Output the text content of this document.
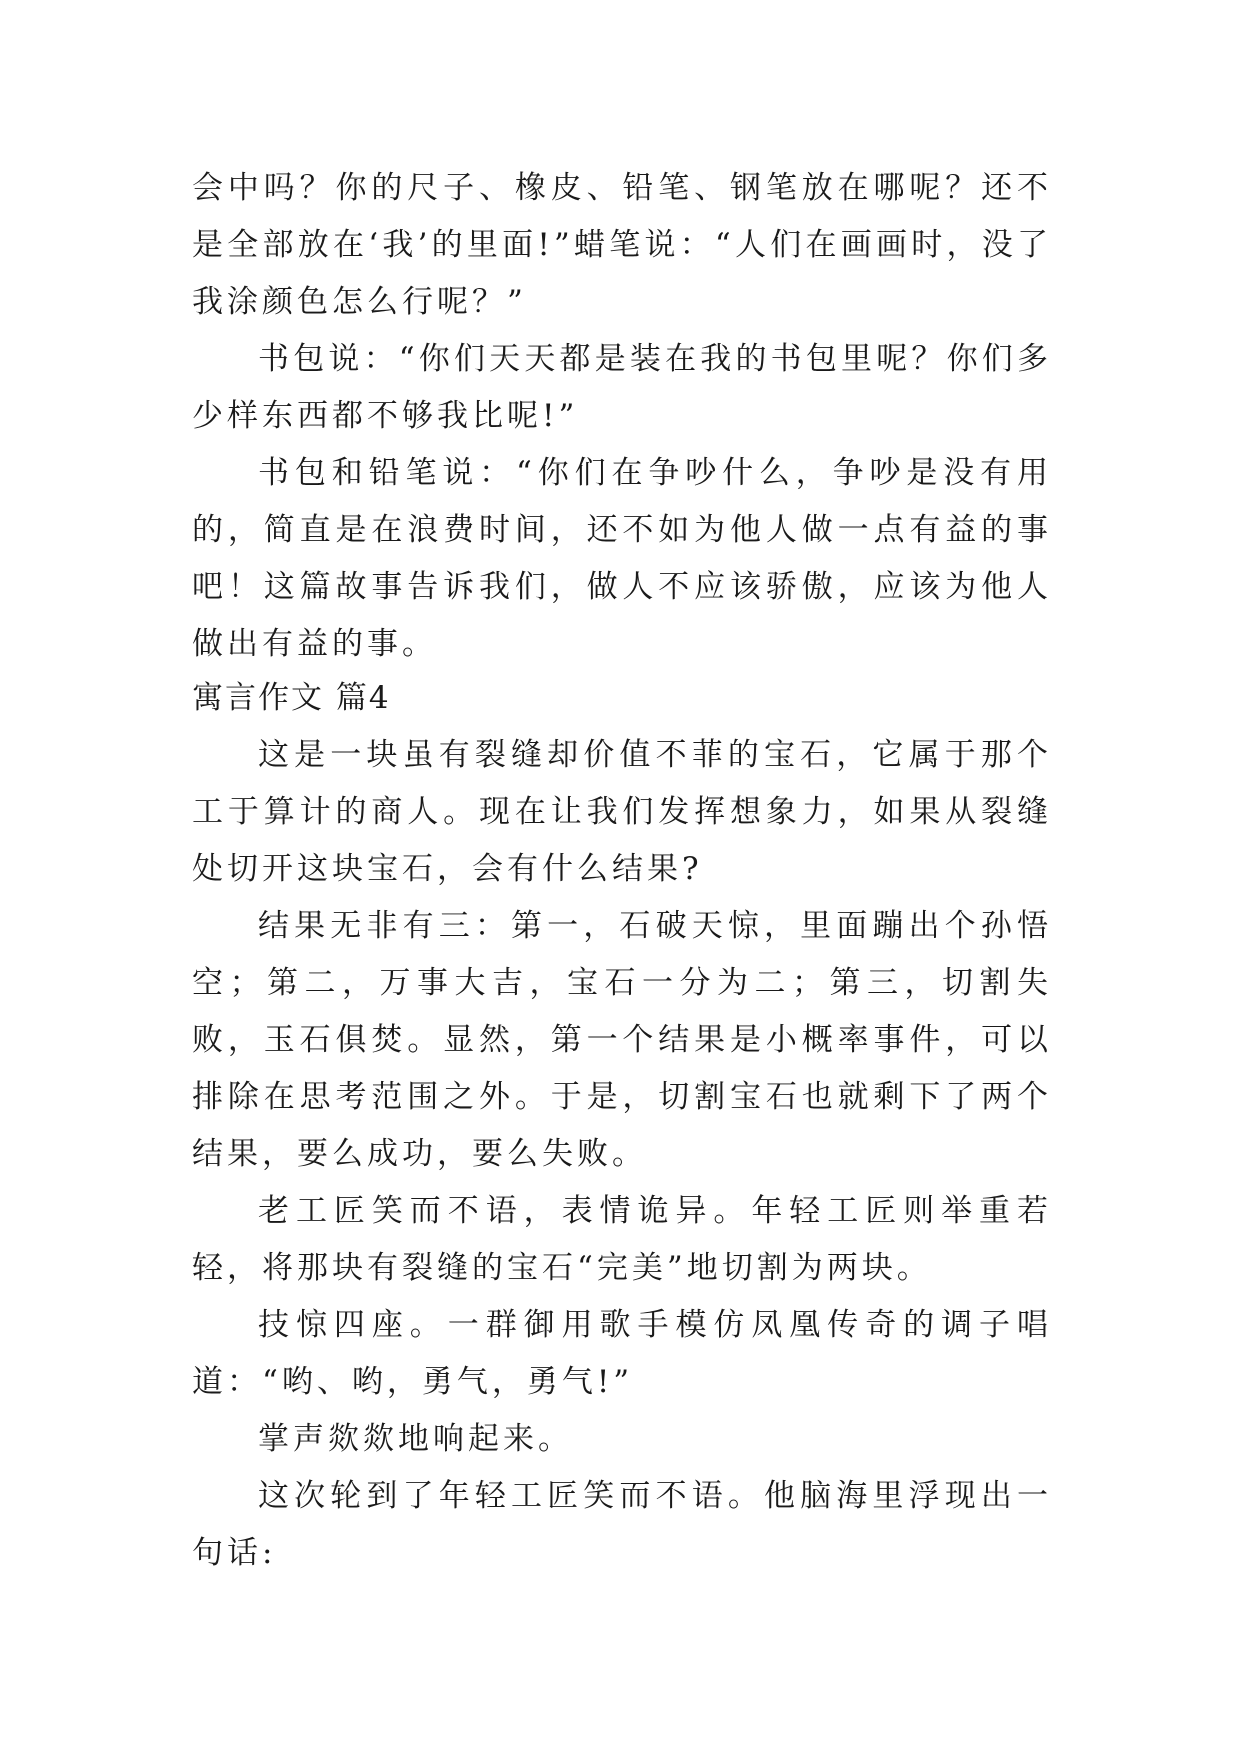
会中吗？你的尺子、橡皮、铅笔、钢笔放在哪呢？还不是全部放在‘我’的里面!”蜡笔说：“人们在画画时，没了我涂颜色怎么行呢？”

书包说：“你们天天都是装在我的书包里呢？你们多少样东西都不够我比呢!”

书包和铅笔说：“你们在争吵什么，争吵是没有用的，简直是在浪费时间，还不如为他人做一点有益的事吧！这篇故事告诉我们，做人不应该骄傲，应该为他人做出有益的事。

寓言作文 篇4

这是一块虽有裂缝却价值不菲的宝石，它属于那个工于算计的商人。现在让我们发挥想象力，如果从裂缝处切开这块宝石，会有什么结果?

结果无非有三：第一，石破天惊，里面蹦出个孙悟空；第二，万事大吉，宝石一分为二；第三，切割失败，玉石俱焚。显然，第一个结果是小概率事件，可以排除在思考范围之外。于是，切割宝石也就剩下了两个结果，要么成功，要么失败。

老工匠笑而不语，表情诡异。年轻工匠则举重若轻，将那块有裂缝的宝石“完美”地切割为两块。

技惊四座。一群御用歌手模仿凤凰传奇的调子唱道：“哟、哟，勇气，勇气!”

掌声欻欻地响起来。

这次轮到了年轻工匠笑而不语。他脑海里浮现出一句话:
